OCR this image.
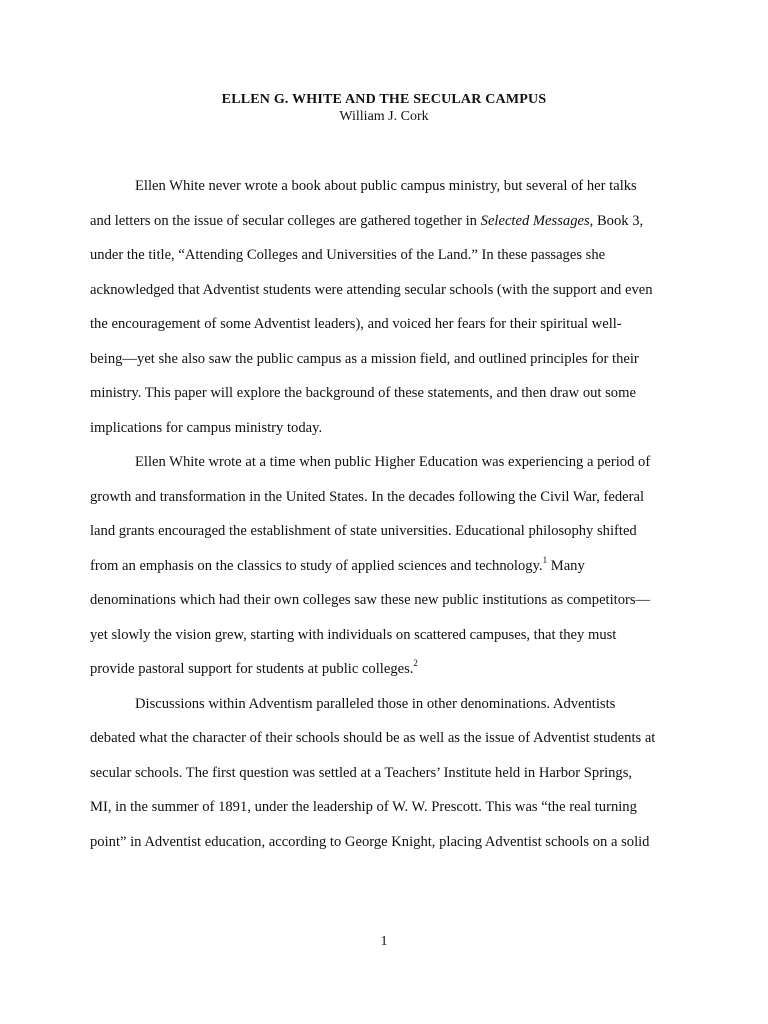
ELLEN G. WHITE AND THE SECULAR CAMPUS
William J. Cork
Ellen White never wrote a book about public campus ministry, but several of her talks
and letters on the issue of secular colleges are gathered together in Selected Messages, Book 3,
under the title, “Attending Colleges and Universities of the Land.” In these passages she
acknowledged that Adventist students were attending secular schools (with the support and even
the encouragement of some Adventist leaders), and voiced her fears for their spiritual well-
being—yet she also saw the public campus as a mission field, and outlined principles for their
ministry. This paper will explore the background of these statements, and then draw out some
implications for campus ministry today.
Ellen White wrote at a time when public Higher Education was experiencing a period of
growth and transformation in the United States. In the decades following the Civil War, federal
land grants encouraged the establishment of state universities. Educational philosophy shifted
from an emphasis on the classics to study of applied sciences and technology.$^1$ Many
denominations which had their own colleges saw these new public institutions as competitors—
yet slowly the vision grew, starting with individuals on scattered campuses, that they must
provide pastoral support for students at public colleges.$^2$
Discussions within Adventism paralleled those in other denominations. Adventists
debated what the character of their schools should be as well as the issue of Adventist students at
secular schools. The first question was settled at a Teachers’ Institute held in Harbor Springs,
MI, in the summer of 1891, under the leadership of W. W. Prescott. This was “the real turning
point” in Adventist education, according to George Knight, placing Adventist schools on a solid
1
